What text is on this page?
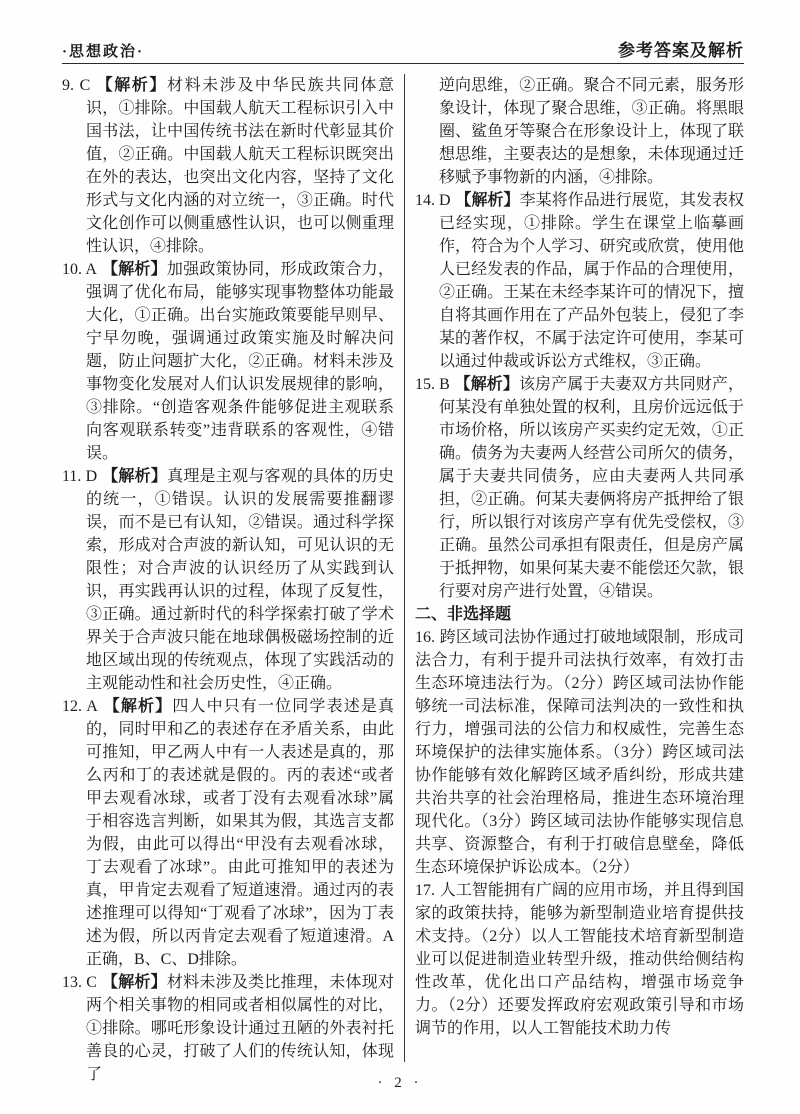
·思想政治·	参考答案及解析

9. C 【解析】材料未涉及中华民族共同体意识，①排除。中国载人航天工程标识引入中国书法，让中国传统书法在新时代彰显其价值，②正确。中国载人航天工程标识既突出在外的表达，也突出文化内容，坚持了文化形式与文化内涵的对立统一，③正确。时代文化创作可以侧重感性认识，也可以侧重理性认识，④排除。

10. A 【解析】加强政策协同，形成政策合力，强调了优化布局，能够实现事物整体功能最大化，①正确。出台实施政策要能早则早、宁早勿晚，强调通过政策实施及时解决问题，防止问题扩大化，②正确。材料未涉及事物变化发展对人们认识发展规律的影响，③排除。“创造客观条件能够促进主观联系向客观联系转变”违背联系的客观性，④错误。

11. D 【解析】真理是主观与客观的具体的历史的统一，①错误。认识的发展需要推翻谬误，而不是已有认知，②错误。通过科学探索，形成对合声波的新认知，可见认识的无限性；对合声波的认识经历了从实践到认识，再实践再认识的过程，体现了反复性，③正确。通过新时代的科学探索打破了学术界关于合声波只能在地球偶极磁场控制的近地区域出现的传统观点，体现了实践活动的主观能动性和社会历史性，④正确。

12. A 【解析】四人中只有一位同学表述是真的，同时甲和乙的表述存在矛盾关系，由此可推知，甲乙两人中有一人表述是真的，那么丙和丁的表述就是假的。丙的表述“或者甲去观看冰球，或者丁没有去观看冰球”属于相容选言判断，如果其为假，其选言支都为假，由此可以得出“甲没有去观看冰球，丁去观看了冰球”。由此可推知甲的表述为真，甲肯定去观看了短道速滑。通过丙的表述推理可以得知“丁观看了冰球”，因为丁表述为假，所以丙肯定去观看了短道速滑。A 正确，B、C、D排除。

13. C 【解析】材料未涉及类比推理，未体现对两个相关事物的相同或者相似属性的对比，①排除。哪吒形象设计通过丑陋的外表衬托善良的心灵，打破了人们的传统认知，体现了

逆向思维，②正确。聚合不同元素，服务形象设计，体现了聚合思维，③正确。将黑眼圈、鲨鱼牙等聚合在形象设计上，体现了联想思维，主要表达的是想象，未体现通过迁移赋予事物新的内涵，④排除。

14. D 【解析】李某将作品进行展览，其发表权已经实现，①排除。学生在课堂上临摹画作，符合为个人学习、研究或欣赏，使用他人已经发表的作品，属于作品的合理使用，②正确。王某在未经李某许可的情况下，擅自将其画作用在了产品外包装上，侵犯了李某的著作权，不属于法定许可使用，李某可以通过仲裁或诉讼方式维权，③正确。

15. B 【解析】该房产属于夫妻双方共同财产，何某没有单独处置的权利，且房价远远低于市场价格，所以该房产买卖约定无效，①正确。债务为夫妻两人经营公司所欠的债务，属于夫妻共同债务，应由夫妻两人共同承担，②正确。何某夫妻俩将房产抵押给了银行，所以银行对该房产享有优先受偿权，③正确。虽然公司承担有限责任，但是房产属于抵押物，如果何某夫妻不能偿还欠款，银行要对房产进行处置，④错误。

二、非选择题

16. 跨区域司法协作通过打破地域限制，形成司法合力，有利于提升司法执行效率，有效打击生态环境违法行为。（2分）跨区域司法协作能够统一司法标准，保障司法判决的一致性和执行力，增强司法的公信力和权威性，完善生态环境保护的法律实施体系。（3分）跨区域司法协作能够有效化解跨区域矛盾纠纷，形成共建共治共享的社会治理格局，推进生态环境治理现代化。（3分）跨区域司法协作能够实现信息共享、资源整合，有利于打破信息壁垒，降低生态环境保护诉讼成本。（2分）

17. 人工智能拥有广阔的应用市场，并且得到国家的政策扶持，能够为新型制造业培育提供技术支持。（2分）以人工智能技术培育新型制造业可以促进制造业转型升级，推动供给侧结构性改革，优化出口产品结构，增强市场竞争力。（2分）还要发挥政府宏观政策引导和市场调节的作用，以人工智能技术助力传

· 2 ·
